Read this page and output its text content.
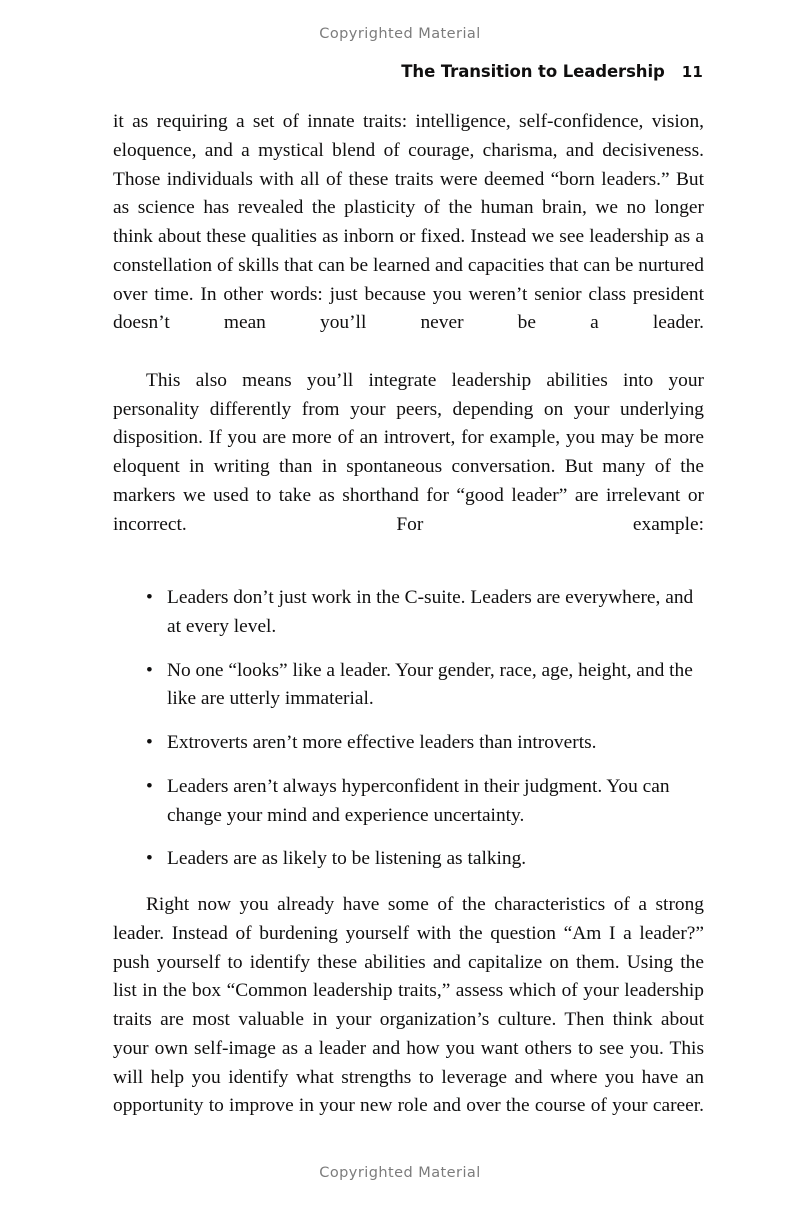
Copyrighted Material
The Transition to Leadership 11

it as requiring a set of innate traits: intelligence, self-confidence, vision, eloquence, and a mystical blend of courage, charisma, and decisiveness. Those individuals with all of these traits were deemed “born leaders.” But as science has revealed the plasticity of the human brain, we no longer think about these qualities as inborn or fixed. Instead we see leadership as a constellation of skills that can be learned and capacities that can be nurtured over time. In other words: just because you weren’t senior class president doesn’t mean you’ll never be a leader.

This also means you’ll integrate leadership abilities into your personality differently from your peers, depending on your underlying disposition. If you are more of an introvert, for example, you may be more eloquent in writing than in spontaneous conversation. But many of the markers we used to take as shorthand for “good leader” are irrelevant or incorrect. For example:

• Leaders don’t just work in the C-suite. Leaders are everywhere, and at every level.
• No one “looks” like a leader. Your gender, race, age, height, and the like are utterly immaterial.
• Extroverts aren’t more effective leaders than introverts.
• Leaders aren’t always hyperconfident in their judgment. You can change your mind and experience uncertainty.
• Leaders are as likely to be listening as talking.

Right now you already have some of the characteristics of a strong leader. Instead of burdening yourself with the question “Am I a leader?” push yourself to identify these abilities and capitalize on them. Using the list in the box “Common leadership traits,” assess which of your leadership traits are most valuable in your organization’s culture. Then think about your own self-image as a leader and how you want others to see you. This will help you identify what strengths to leverage and where you have an opportunity to improve in your new role and over the course of your career.

Copyrighted Material
